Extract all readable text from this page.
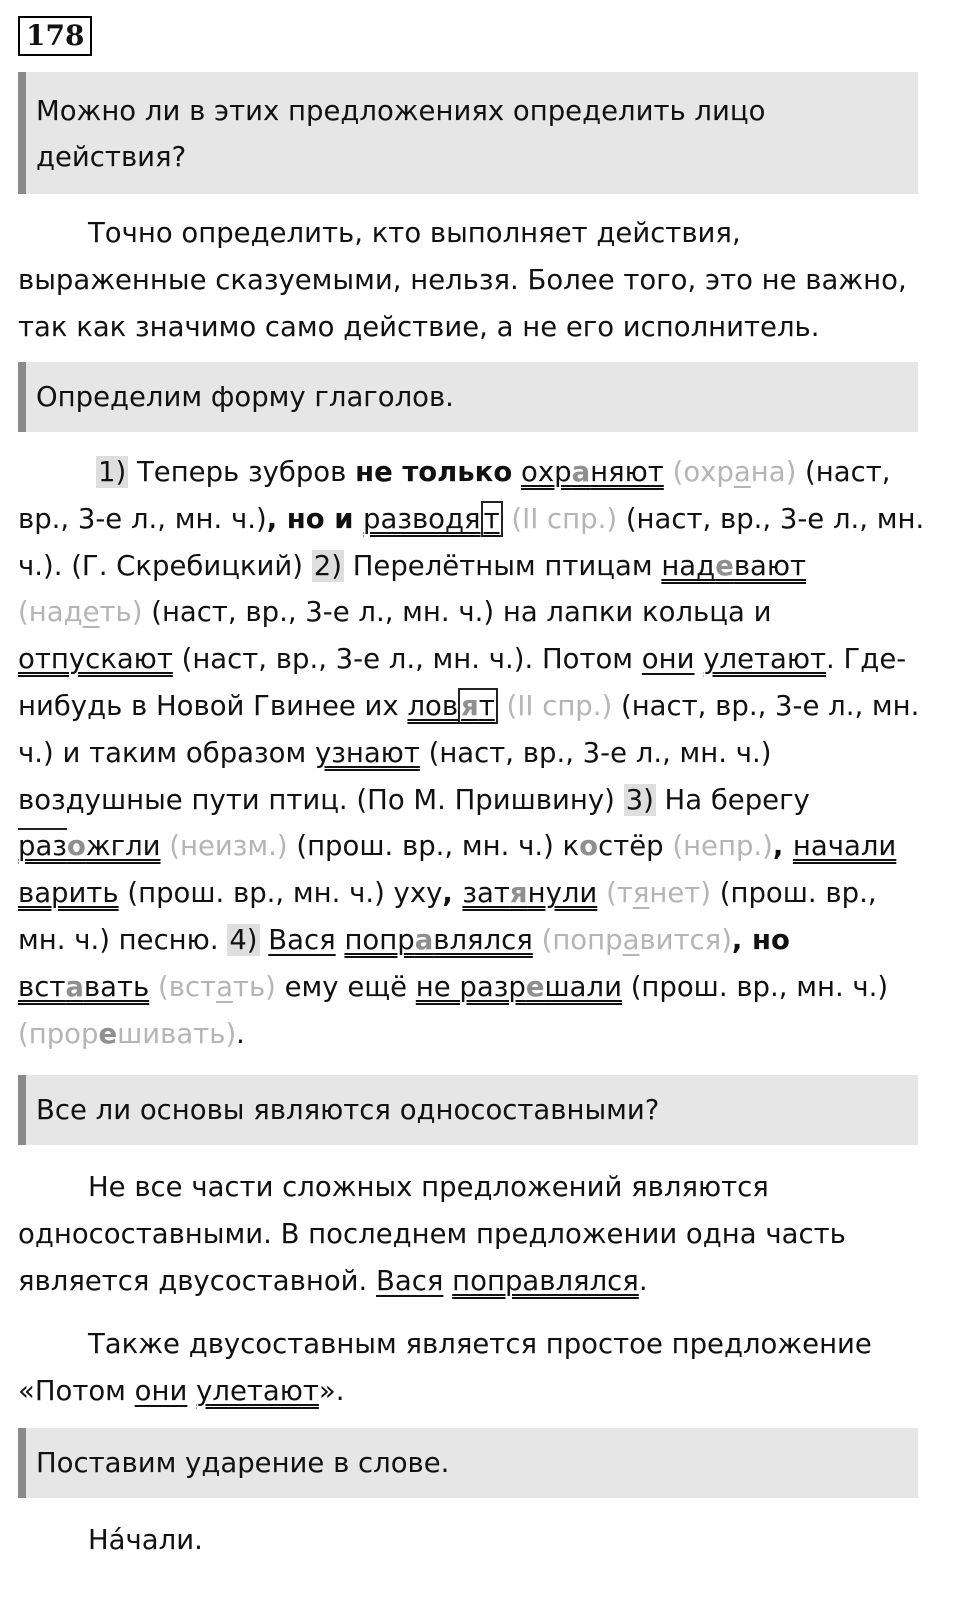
178
Можно ли в этих предложениях определить лицо действия?
Точно определить, кто выполняет действия, выраженные сказуемыми, нельзя. Более того, это не важно, так как значимо само действие, а не его исполнитель.
Определим форму глаголов.
1) Теперь зубров не только охраняют (охрана) (наст, вр., 3-е л., мн. ч.), но и разводя т (II спр.) (наст, вр., 3-е л., мн. ч.). (Г. Скребицкий) 2) Перелётным птицам надевают (надеть) (наст, вр., 3-е л., мн. ч.) на лапки кольца и отпускают (наст, вр., 3-е л., мн. ч.). Потом они улетают. Где-нибудь в Новой Гвинее их лов ят (II спр.) (наст, вр., 3-е л., мн. ч.) и таким образом узнают (наст, вр., 3-е л., мн. ч.) воздушные пути птиц. (По М. Пришвину) 3) На берегу разожгли (неизм.) (прош. вр., мн. ч.) костёр (непр.), начали варить (прош. вр., мн. ч.) уху, затянули (тянет) (прош. вр., мн. ч.) песню. 4) Вася поправлялся (поправится), но вставать (встать) ему ещё не разрешали (прош. вр., мн. ч.) (прорешивать).
Все ли основы являются односоставными?
Не все части сложных предложений являются односоставными. В последнем предложении одна часть является двусоставной. Вася поправлялся.
Также двусоставным является простое предложение «Потом они улетают».
Поставим ударение в слове.
На́чали.
